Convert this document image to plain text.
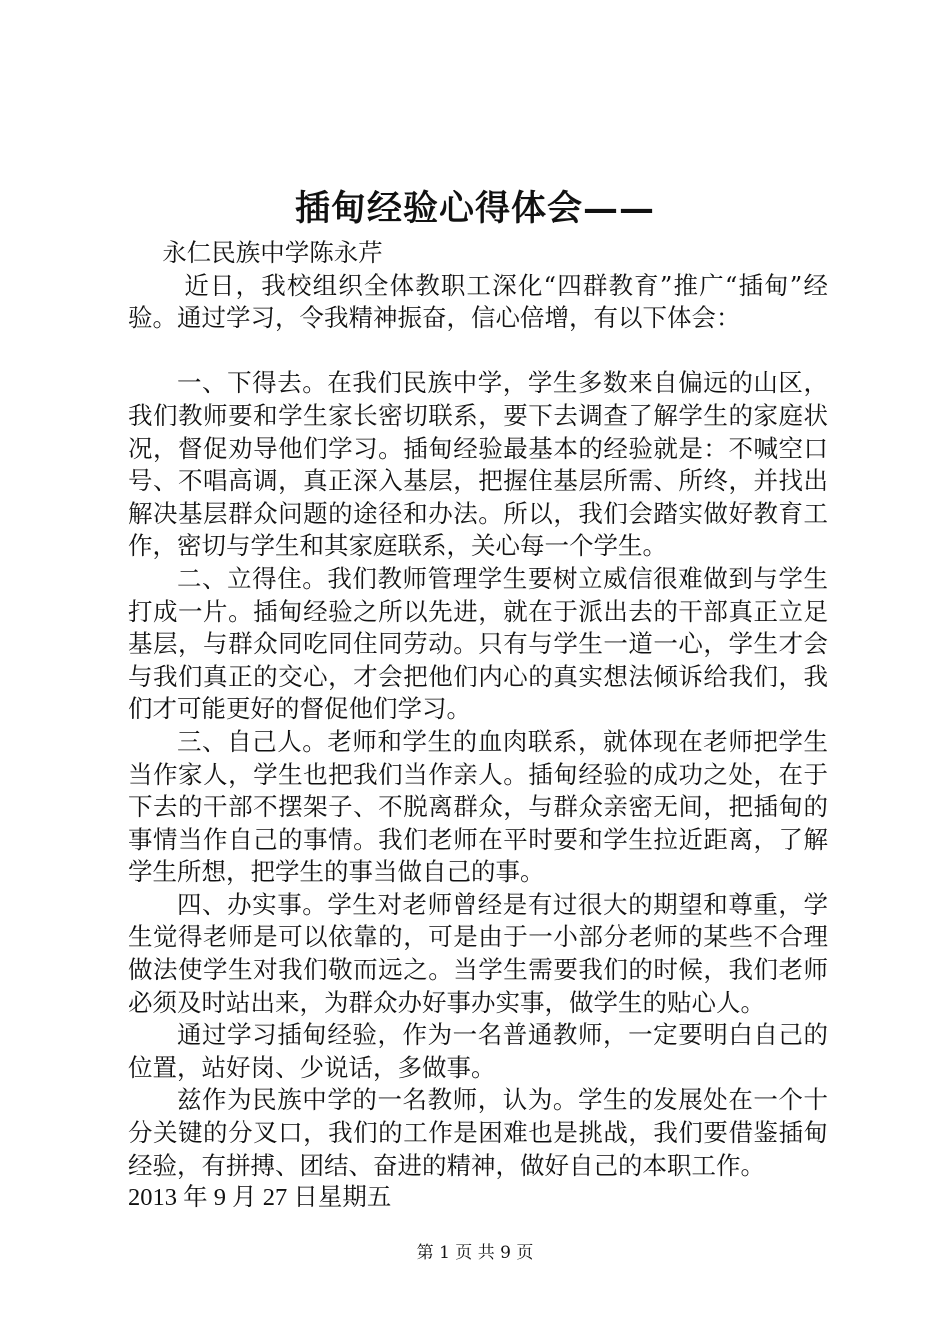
插甸经验心得体会——

永仁民族中学陈永芹

近日，我校组织全体教职工深化“四群教育”推广“插甸”经验。通过学习，令我精神振奋，信心倍增，有以下体会：

一、下得去。在我们民族中学，学生多数来自偏远的山区，我们教师要和学生家长密切联系，要下去调查了解学生的家庭状况，督促劝导他们学习。插甸经验最基本的经验就是：不喊空口号、不唱高调，真正深入基层，把握住基层所需、所终，并找出解决基层群众问题的途径和办法。所以，我们会踏实做好教育工作，密切与学生和其家庭联系，关心每一个学生。

二、立得住。我们教师管理学生要树立威信很难做到与学生打成一片。插甸经验之所以先进，就在于派出去的干部真正立足基层，与群众同吃同住同劳动。只有与学生一道一心，学生才会与我们真正的交心，才会把他们内心的真实想法倾诉给我们，我们才可能更好的督促他们学习。

三、自己人。老师和学生的血肉联系，就体现在老师把学生当作家人，学生也把我们当作亲人。插甸经验的成功之处，在于下去的干部不摆架子、不脱离群众，与群众亲密无间，把插甸的事情当作自己的事情。我们老师在平时要和学生拉近距离，了解学生所想，把学生的事当做自己的事。

四、办实事。学生对老师曾经是有过很大的期望和尊重，学生觉得老师是可以依靠的，可是由于一小部分老师的某些不合理做法使学生对我们敬而远之。当学生需要我们的时候，我们老师必须及时站出来，为群众办好事办实事，做学生的贴心人。

通过学习插甸经验，作为一名普通教师，一定要明白自己的位置，站好岗、少说话，多做事。

兹作为民族中学的一名教师，认为。学生的发展处在一个十分关键的分叉口，我们的工作是困难也是挑战，我们要借鉴插甸经验，有拼搏、团结、奋进的精神，做好自己的本职工作。

2013 年 9 月 27 日星期五

第 1 页 共 9 页
